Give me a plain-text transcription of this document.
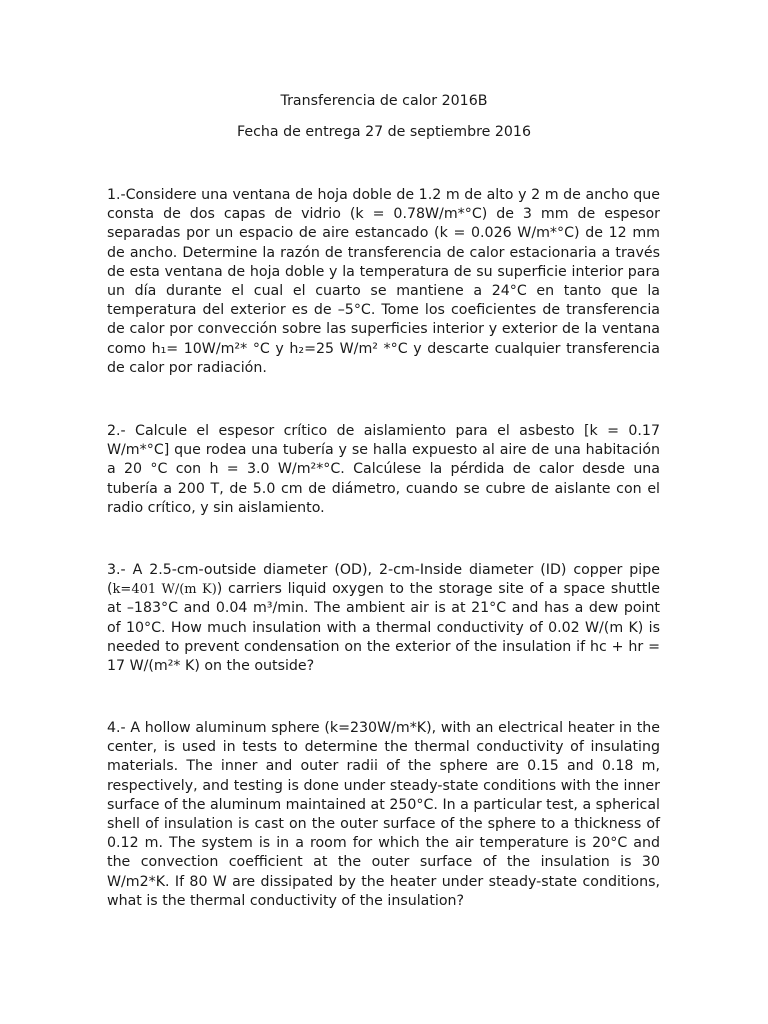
Transferencia de calor 2016B

Fecha de entrega 27 de septiembre 2016

1.-Considere una ventana de hoja doble de 1.2 m de alto y 2 m de ancho que consta de dos capas de vidrio (k = 0.78W/m*°C) de 3 mm de espesor separadas por un espacio de aire estancado (k = 0.026 W/m*°C) de 12 mm de ancho. Determine la razón de transferencia de calor estacionaria a través de esta ventana de hoja doble y la temperatura de su superficie interior para un día durante el cual el cuarto se mantiene a 24°C en tanto que la temperatura del exterior es de –5°C. Tome los coeficientes de transferencia de calor por convección sobre las superficies interior y exterior de la ventana como h₁= 10W/m²* °C y h₂=25 W/m² *°C y descarte cualquier transferencia de calor por radiación.

2.- Calcule el espesor crítico de aislamiento para el asbesto [k = 0.17 W/m*°C] que rodea una tubería y se halla expuesto al aire de una habitación a 20 °C con h = 3.0 W/m²*°C. Calcúlese la pérdida de calor desde una tubería a 200 T, de 5.0 cm de diámetro, cuando se cubre de aislante con el radio crítico, y sin aislamiento.

3.- A 2.5-cm-outside diameter (OD), 2-cm-Inside diameter (ID) copper pipe (k=401 W/(m K)) carriers liquid oxygen to the storage site of a space shuttle at –183°C and 0.04 m³/min. The ambient air is at 21°C and has a dew point of 10°C. How much insulation with a thermal conductivity of 0.02 W/(m K) is needed to prevent condensation on the exterior of the insulation if hc + hr = 17 W/(m²* K) on the outside?

4.- A hollow aluminum sphere (k=230W/m*K), with an electrical heater in the center, is used in tests to determine the thermal conductivity of insulating materials. The inner and outer radii of the sphere are 0.15 and 0.18 m, respectively, and testing is done under steady-state conditions with the inner surface of the aluminum maintained at 250°C. In a particular test, a spherical shell of insulation is cast on the outer surface of the sphere to a thickness of 0.12 m. The system is in a room for which the air temperature is 20°C and the convection coefficient at the outer surface of the insulation is 30 W/m2*K. If 80 W are dissipated by the heater under steady-state conditions, what is the thermal conductivity of the insulation?
